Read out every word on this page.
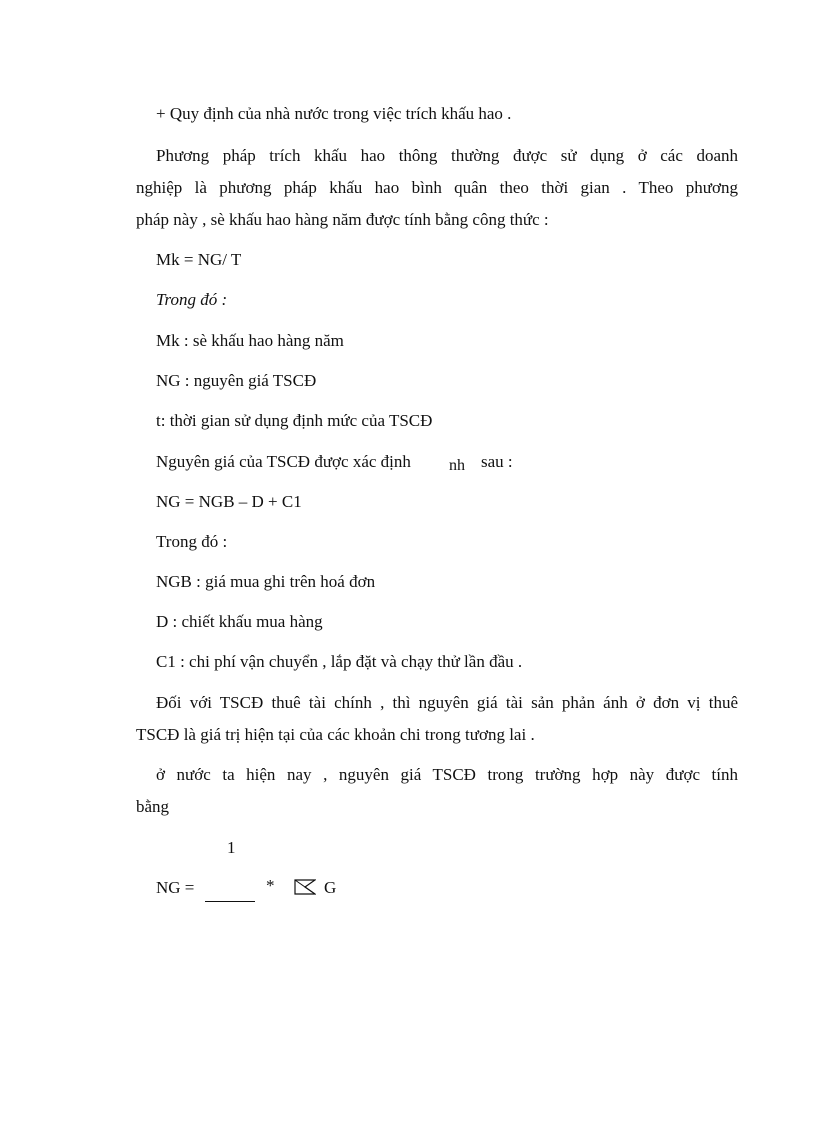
+ Quy định của nhà nước trong việc trích khấu hao .
Phương pháp trích khấu hao thông thường được sử dụng ở các doanh
nghiệp là phương pháp khấu hao bình quân theo thời gian . Theo phương
pháp này , sè khấu hao hàng năm được tính bằng công thức :
Mk = NG/ T
Trong đó :
Mk : sè khấu hao hàng năm
NG : nguyên giá TSCĐ
t: thời gian sử dụng định mức của TSCĐ
Nguyên giá của TSCĐ được xác định nh sau :
NG = NGB – D + C1
Trong đó :
NGB : giá mua ghi trên hoá đơn
D : chiết khấu mua hàng
C1 : chi phí vận chuyển , lắp đặt và chạy thử lần đầu .
Đối với TSCĐ thuê tài chính , thì nguyên giá tài sản phản ánh ở đơn vị thuê
TSCĐ là giá trị hiện tại của các khoản chi trong tương lai .
ở nước ta hiện nay , nguyên giá TSCĐ trong trường hợp này được tính
bằng
1
NG =	*	G
